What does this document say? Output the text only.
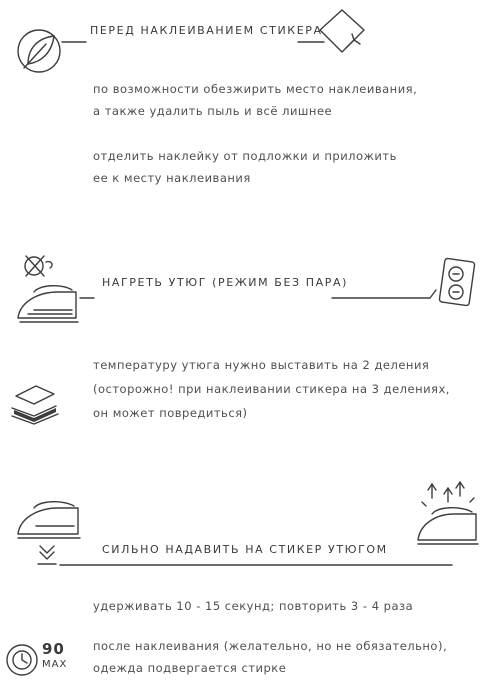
ПЕРЕД НАКЛЕИВАНИЕМ СТИКЕРА

по возможности обезжирить место наклеивания,
а также удалить пыль и всё лишнее

отделить наклейку от подложки и приложить
ее к месту наклеивания

НАГРЕТЬ УТЮГ (РЕЖИМ БЕЗ ПАРА)

температуру утюга нужно выставить на 2 деления
(осторожно! при наклеивании стикера на 3 делениях,
он может повредиться)

СИЛЬНО НАДАВИТЬ НА СТИКЕР УТЮГОМ

удерживать 10 - 15 секунд; повторить 3 - 4 раза

90
MAX

после наклеивания (желательно, но не обязательно),
одежда подвергается стирке
